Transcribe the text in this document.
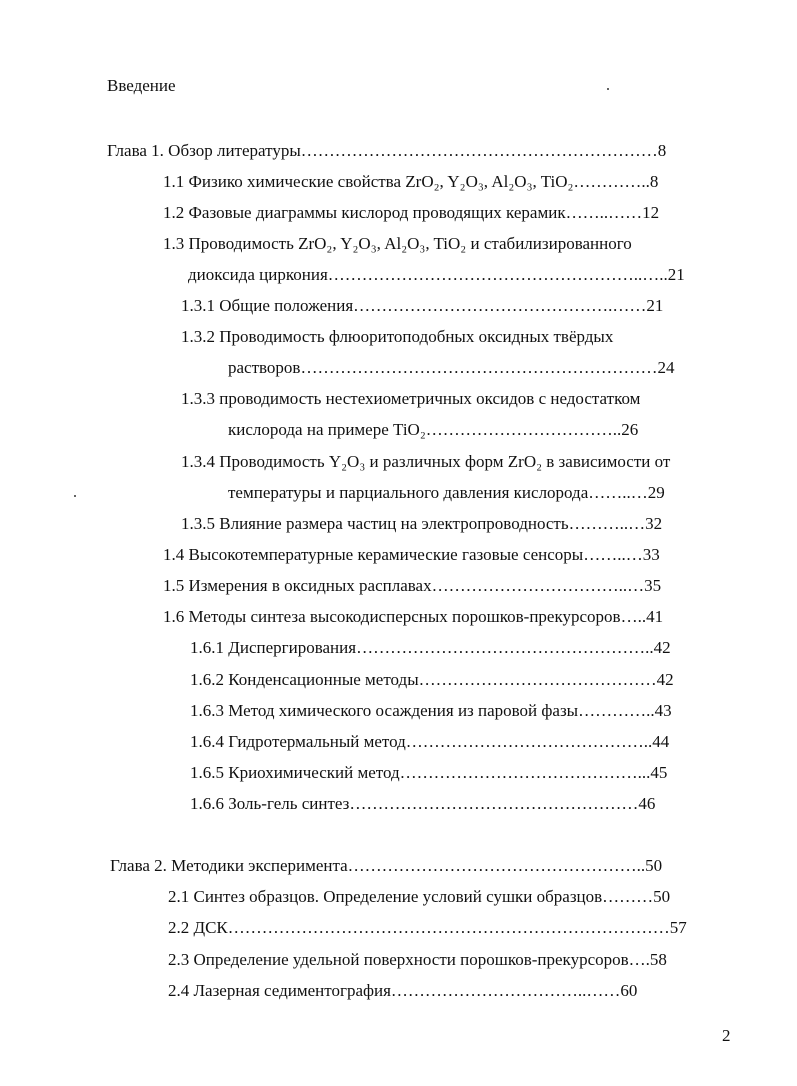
Введение
Глава 1. Обзор литературы………………………………………………………8
1.1 Физико химические свойства ZrO₂, Y₂O₃, Al₂O₃, TiO₂…………..8
1.2 Фазовые диаграммы кислород проводящих керамик……..……12
1.3 Проводимость ZrO₂, Y₂O₃, Al₂O₃, TiO₂ и стабилизированного
диоксида циркония………………………………………………..…..21
1.3.1 Общие положения……………………………………….……21
1.3.2 Проводимость флюоритоподобных оксидных твёрдых
растворов………………………………………………………24
1.3.3 проводимость нестехиометричных оксидов с недостатком
кислорода на примере TiO₂……………………………..26
1.3.4 Проводимость Y₂O₃ и различных форм ZrO₂ в зависимости от
температуры и парциального давления кислорода……..…29
1.3.5 Влияние размера частиц на электропроводность………..…32
1.4 Высокотемпературные керамические газовые сенсоры……..…33
1.5 Измерения в оксидных расплавах……………………………..…35
1.6 Методы синтеза высокодисперсных порошков-прекурсоров…..41
1.6.1 Диспергирования……………………………………………..42
1.6.2 Конденсационные методы……………………………………42
1.6.3 Метод химического осаждения из паровой фазы…………..43
1.6.4 Гидротермальный метод……………………………………..44
1.6.5 Криохимический метод……………………………………...45
1.6.6 Золь-гель синтез……………………………………………46
Глава 2. Методики эксперимента……………………………………………..50
2.1 Синтез образцов. Определение условий сушки образцов………50
2.2 ДСК……………………………………………………………………57
2.3 Определение удельной поверхности порошков-прекурсоров….58
2.4 Лазерная седиментография……………………………..……60
2
